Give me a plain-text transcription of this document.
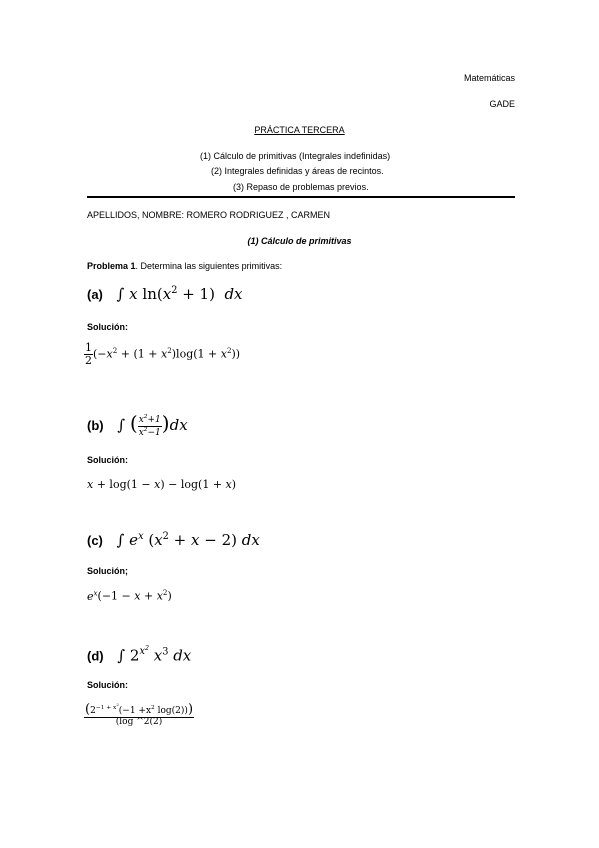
Matemáticas
GADE
PRÁCTICA TERCERA
(1) Cálculo de primitivas (Integrales indefinidas)
(2) Integrales definidas y áreas de recintos.
(3) Repaso de problemas previos.
APELLIDOS, NOMBRE: ROMERO RODRIGUEZ , CARMEN
(1) Cálculo de primitivas
Problema 1. Determina las siguientes primitivas:
(a)   ∫ x $\ln(x^2 + 1)$  dx
Solución:
$\frac{1}{2} (-x^2 + (1 + x^2)\log(1 + x^2))$
(b)   ∫ ( $\frac{x^2+1}{x^2-1} )dx$
Solución:
x + log(1 − x) − log(1 + x)
(c)   ∫ $e^x$ $(x^2 + x - 2)$ dx
Solución;
$e^x(-1 - x + x^2)$
(d)   ∫ $2^{x^2}$ $x^3$ dx
Solución:
$\frac{(2^{-1 + x^2}(-1 +x^2 \log(2)))}{(\log \^{}2(2)}$
